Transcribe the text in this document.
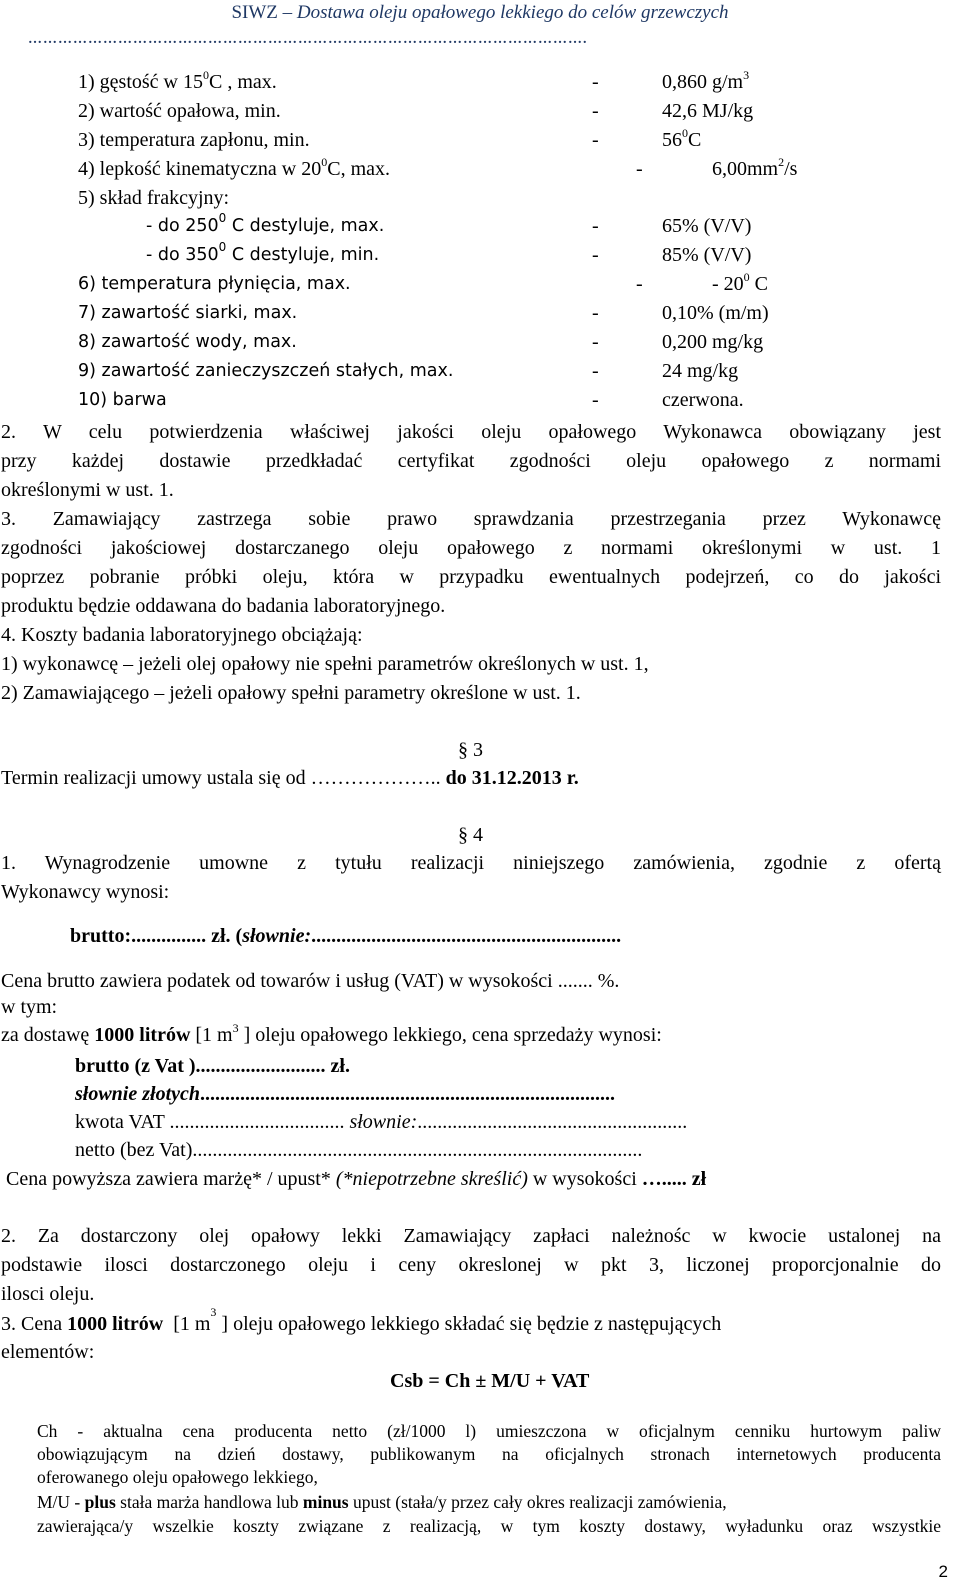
SIWZ – Dostawa oleju opałowego lekkiego do celów grzewczych
………………………………………………………………………………………………….
1) gęstość w $15^0C$ , max.	-	0,860 $g/m^3$
2) wartość opałowa, min.	-	42,6 MJ/kg
3) temperatura zapłonu, min.	-	$56^0C$
4) lepkość kinematyczna w $20^0C$, max.	-	$6,00mm^2/s$
5) skład frakcyjny:
- do $250^0$ C destyluje, max.	-	65% (V/V)
- do $350^0$ C destyluje, min.	-	85% (V/V)
6) temperatura płynięcia, max.	-	- $20^0$ C
7) zawartość siarki, max.	-	0,10% (m/m)
8) zawartość wody, max.	-	0,200 mg/kg
9) zawartość zanieczyszczeń stałych, max.	-	24 mg/kg
10) barwa	-	czerwona.
2. W celu potwierdzenia właściwej jakości oleju opałowego Wykonawca obowiązany jest
przy każdej dostawie przedkładać certyfikat zgodności oleju opałowego z normami
określonymi w ust. 1.
3. Zamawiający zastrzega sobie prawo sprawdzania przestrzegania przez Wykonawcę
zgodności jakościowej dostarczanego oleju opałowego z normami określonymi w ust. 1
poprzez pobranie próbki oleju, która w przypadku ewentualnych podejrzeń, co do jakości
produktu będzie oddawana do badania laboratoryjnego.
4. Koszty badania laboratoryjnego obciążają:
1) wykonawcę – jeżeli olej opałowy nie spełni parametrów określonych w ust. 1,
2) Zamawiającego – jeżeli opałowy spełni parametry określone w ust. 1.
§ 3
Termin realizacji umowy ustala się od ……………….. do 31.12.2013 r.
§ 4
1. Wynagrodzenie umowne z tytułu realizacji niniejszego zamówienia, zgodnie z ofertą
Wykonawcy wynosi:
brutto:............... zł. (słownie:..............................................................
Cena brutto zawiera podatek od towarów i usług (VAT) w wysokości ....... %.
w tym:
za dostawę 1000 litrów [1 $m^3$ ] oleju opałowego lekkiego, cena sprzedaży wynosi:
brutto (z Vat ).......................... zł.
słownie złotych...................................................................................
kwota VAT ................................... słownie:......................................................
netto (bez Vat)..........................................................................................
Cena powyższa zawiera marżę* / upust* (*niepotrzebne skreślić) w wysokości …..... zł
2. Za dostarczony olej opałowy lekki Zamawiający zapłaci należnośc w kwocie ustalonej na
podstawie ilosci dostarczonego oleju i ceny okreslonej w pkt 3, liczonej proporcjonalnie do
ilosci oleju.
3. Cena 1000 litrów [1 m
3
] oleju opałowego lekkiego składać się będzie z następujących
elementów:
Csb = Ch ± M/U + VAT
Ch - aktualna cena producenta netto (zł/1000 l) umieszczona w oficjalnym cenniku hurtowym paliw
obowiązującym na dzień dostawy, publikowanym na oficjalnych stronach internetowych producenta
oferowanego oleju opałowego lekkiego,
M/U - plus stała marża handlowa lub minus upust (stała/y przez cały okres realizacji zamówienia,
zawierająca/y wszelkie koszty związane z realizacją, w tym koszty dostawy, wyładunku oraz wszystkie
2
